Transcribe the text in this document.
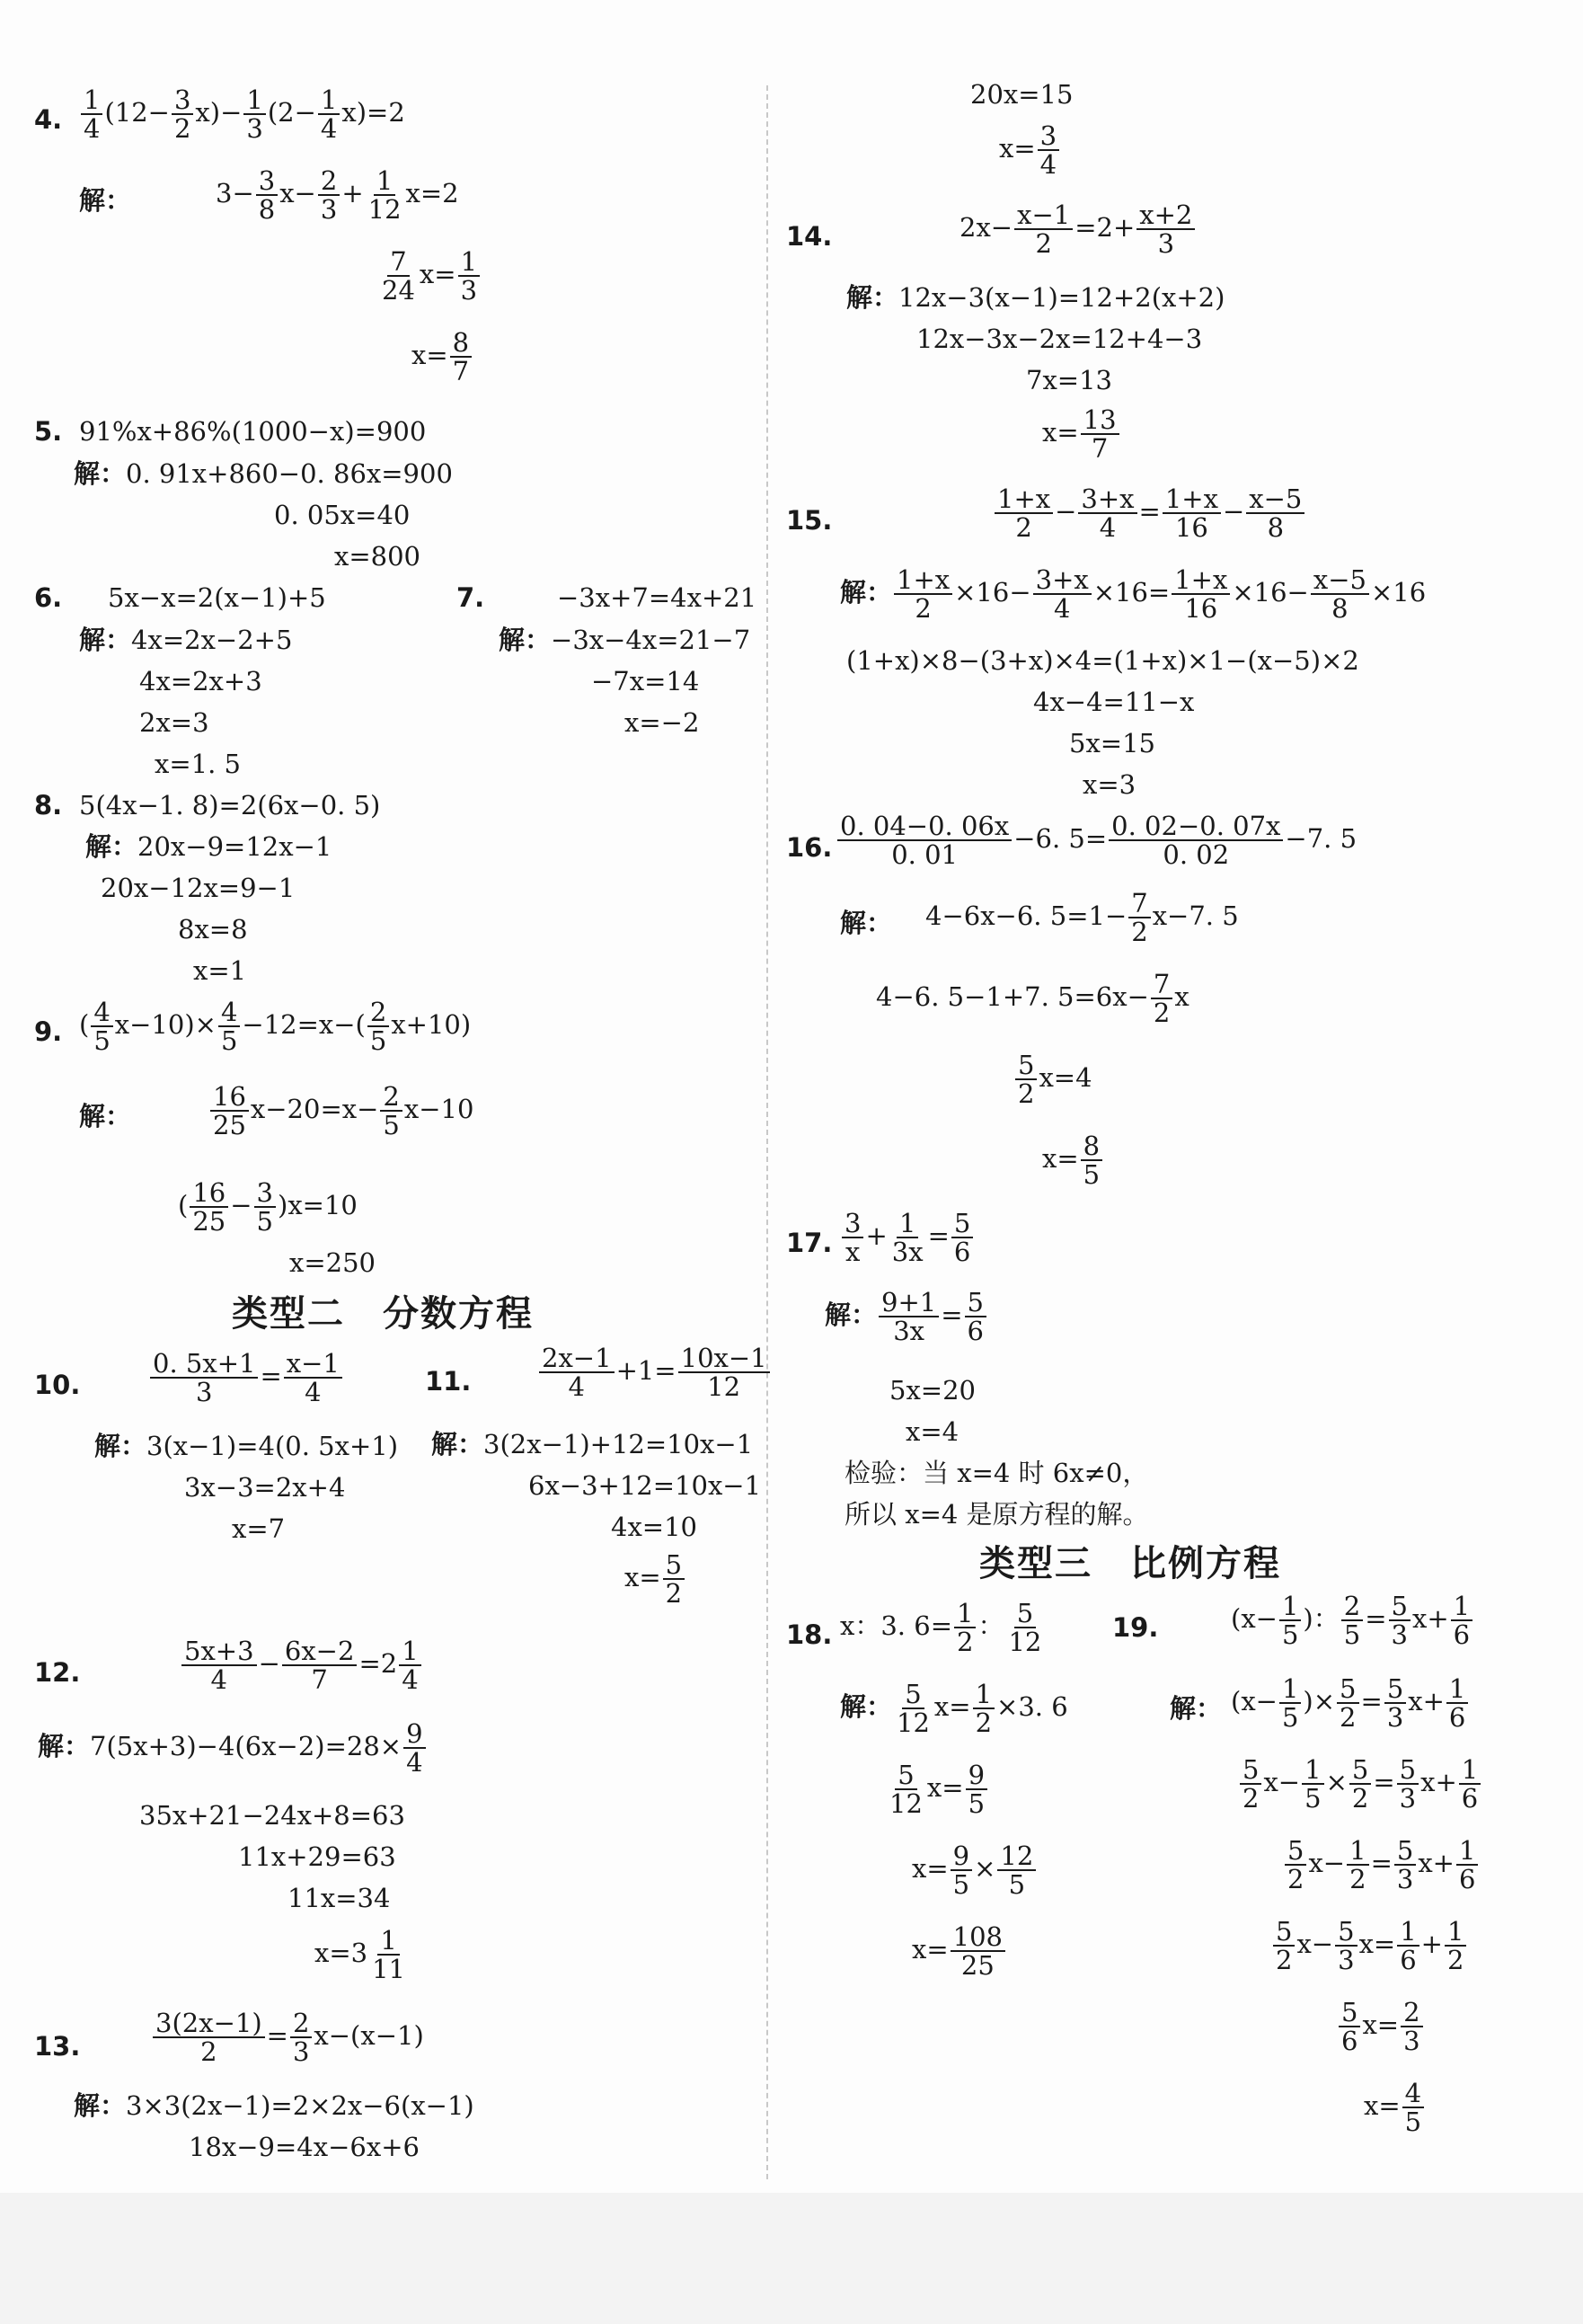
4. $\frac{1}{4} (12- \frac{3}{2} x)- \frac{1}{3} (2- \frac{1}{4} x)=2$
解：	$3- \frac{3}{8} x- \frac{2}{3} + \frac{1}{12} x=2$
$\frac{7}{24} x= \frac{1}{3}$
$x= \frac{8}{7}$
5. 91%x+86%(1000−x)=900
解：0. 91x+860−0. 86x=900
0. 05x=40
x=800
6. 5x−x=2(x−1)+5
解：4x=2x−2+5
4x=2x+3
2x=3
x=1. 5
7.	−3x+7=4x+21
解：−3x−4x=21−7
−7x=14
x=−2
8. 5(4x−1. 8)=2(6x−0. 5)
解：20x−9=12x−1
20x−12x=9−1
8x=8
x=1
9. ( $\frac{4}{5} x-10)\times \frac{4}{5} -12=x-( \frac{2}{5} x+10)$
解：	$\frac{16}{25} x-20=x- \frac{2}{5} x-10$
( $\frac{16}{25} - \frac{3}{5} )x=10$
x=250
类型二　分数方程
10.	$\frac{0. 5x+1}{3} = \frac{x-1}{4}$
解：3(x−1)=4(0. 5x+1)
3x−3=2x+4
x=7
11.	$\frac{2x-1}{4} +1= \frac{10x-1}{12}$
解：3(2x−1)+12=10x−1
6x−3+12=10x−1
4x=10
$x= \frac{5}{2}$
12.	$\frac{5x+3}{4} - \frac{6x-2}{7} =2 \frac{1}{4}$
解：$7(5x+3)-4(6x-2)=28\times \frac{9}{4}$
35x+21−24x+8=63
11x+29=63
11x=34
$x=3 \frac{1}{11}$
13.	$\frac{3(2x-1)}{2} = \frac{2}{3} x-(x-1)$
解：3×3(2x−1)=2×2x−6(x−1)
18x−9=4x−6x+6
20x=15
$x= \frac{3}{4}$
14.	$2x- \frac{x-1}{2} =2+ \frac{x+2}{3}$
解：12x−3(x−1)=12+2(x+2)
12x−3x−2x=12+4−3
7x=13
$x= \frac{13}{7}$
15.	$\frac{1+x}{2} - \frac{3+x}{4} = \frac{1+x}{16} - \frac{x-5}{8}$
解： $\frac{1+x}{2} \times 16- \frac{3+x}{4} \times 16= \frac{1+x}{16} \times 16- \frac{x-5}{8} \times 16$
(1+x)×8−(3+x)×4=(1+x)×1−(x−5)×2
4x−4=11−x
5x=15
x=3
16. $\frac{0. 04-0. 06x}{0. 01} -6$. $5= \frac{0. 02-0. 07x}{0. 02} -7$. 5
解： 4−6x−6. $5=1- \frac{7}{2} x-7$. 5
4−6. 5−1+7. $5=6x- \frac{7}{2}$ x
$\frac{5}{2} x=4$
$x= \frac{8}{5}$
17. $\frac{3}{x} + \frac{1}{3x} = \frac{5}{6}$
解： $\frac{9+1}{3x} = \frac{5}{6}$
5x=20
x=4
检验：当 x=4 时 6x≠0，
所以 x=4 是原方程的解。
类型三　比例方程
18. x：3. $6= \frac{1}{2}$ ： $\frac{5}{12}$
解： $\frac{5}{12} x= \frac{1}{2} \times 3$. 6
$\frac{5}{12} x= \frac{9}{5}$
$x= \frac{9}{5} \times \frac{12}{5}$
$x= \frac{108}{25}$
19.	($x- \frac{1}{5}$ )： $\frac{2}{5} = \frac{5}{3} x+ \frac{1}{6}$
解： ($x- \frac{1}{5}$ )× $\frac{5}{2} = \frac{5}{3} x+ \frac{1}{6}$
$\frac{5}{2} x- \frac{1}{5} \times \frac{5}{2} = \frac{5}{3} x+ \frac{1}{6}$
$\frac{5}{2} x- \frac{1}{2} = \frac{5}{3} x+ \frac{1}{6}$
$\frac{5}{2} x- \frac{5}{3} x= \frac{1}{6} + \frac{1}{2}$
$\frac{5}{6} x= \frac{2}{3}$
$x= \frac{4}{5}$
